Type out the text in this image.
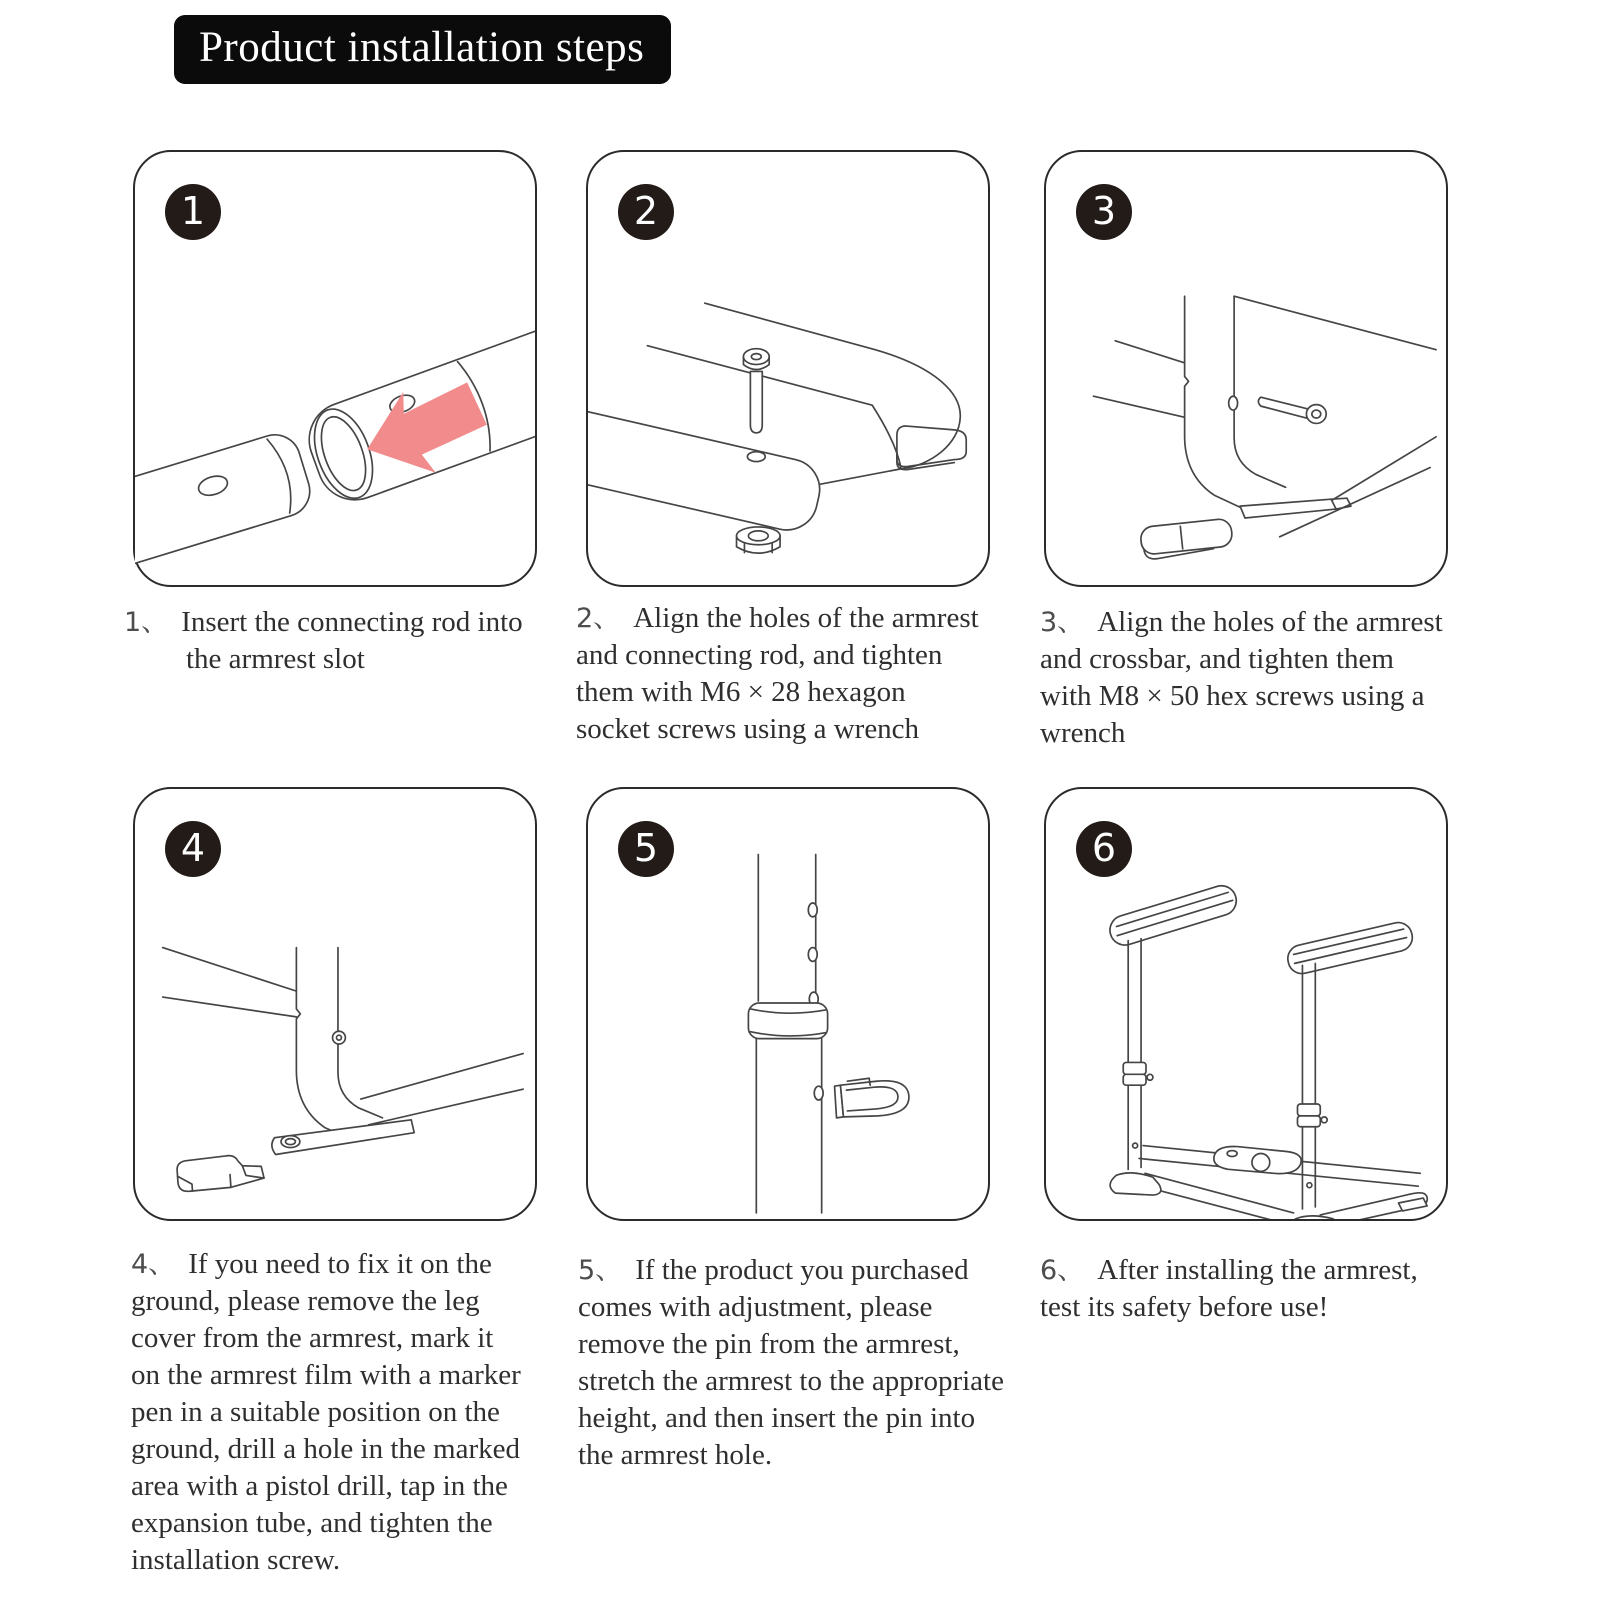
Product installation steps
1	2	3
4	5	6
1、 Insert the connecting rod into
the armrest slot
2、 Align the holes of the armrest
and connecting rod, and tighten
them with M6 × 28 hexagon
socket screws using a wrench
3、 Align the holes of the armrest
and crossbar, and tighten them
with M8 × 50 hex screws using a
wrench
4、 If you need to fix it on the
ground, please remove the leg
cover from the armrest, mark it
on the armrest film with a marker
pen in a suitable position on the
ground, drill a hole in the marked
area with a pistol drill, tap in the
expansion tube, and tighten the
installation screw.
5、 If the product you purchased
comes with adjustment, please
remove the pin from the armrest,
stretch the armrest to the appropriate
height, and then insert the pin into
the armrest hole.
6、 After installing the armrest,
test its safety before use!
